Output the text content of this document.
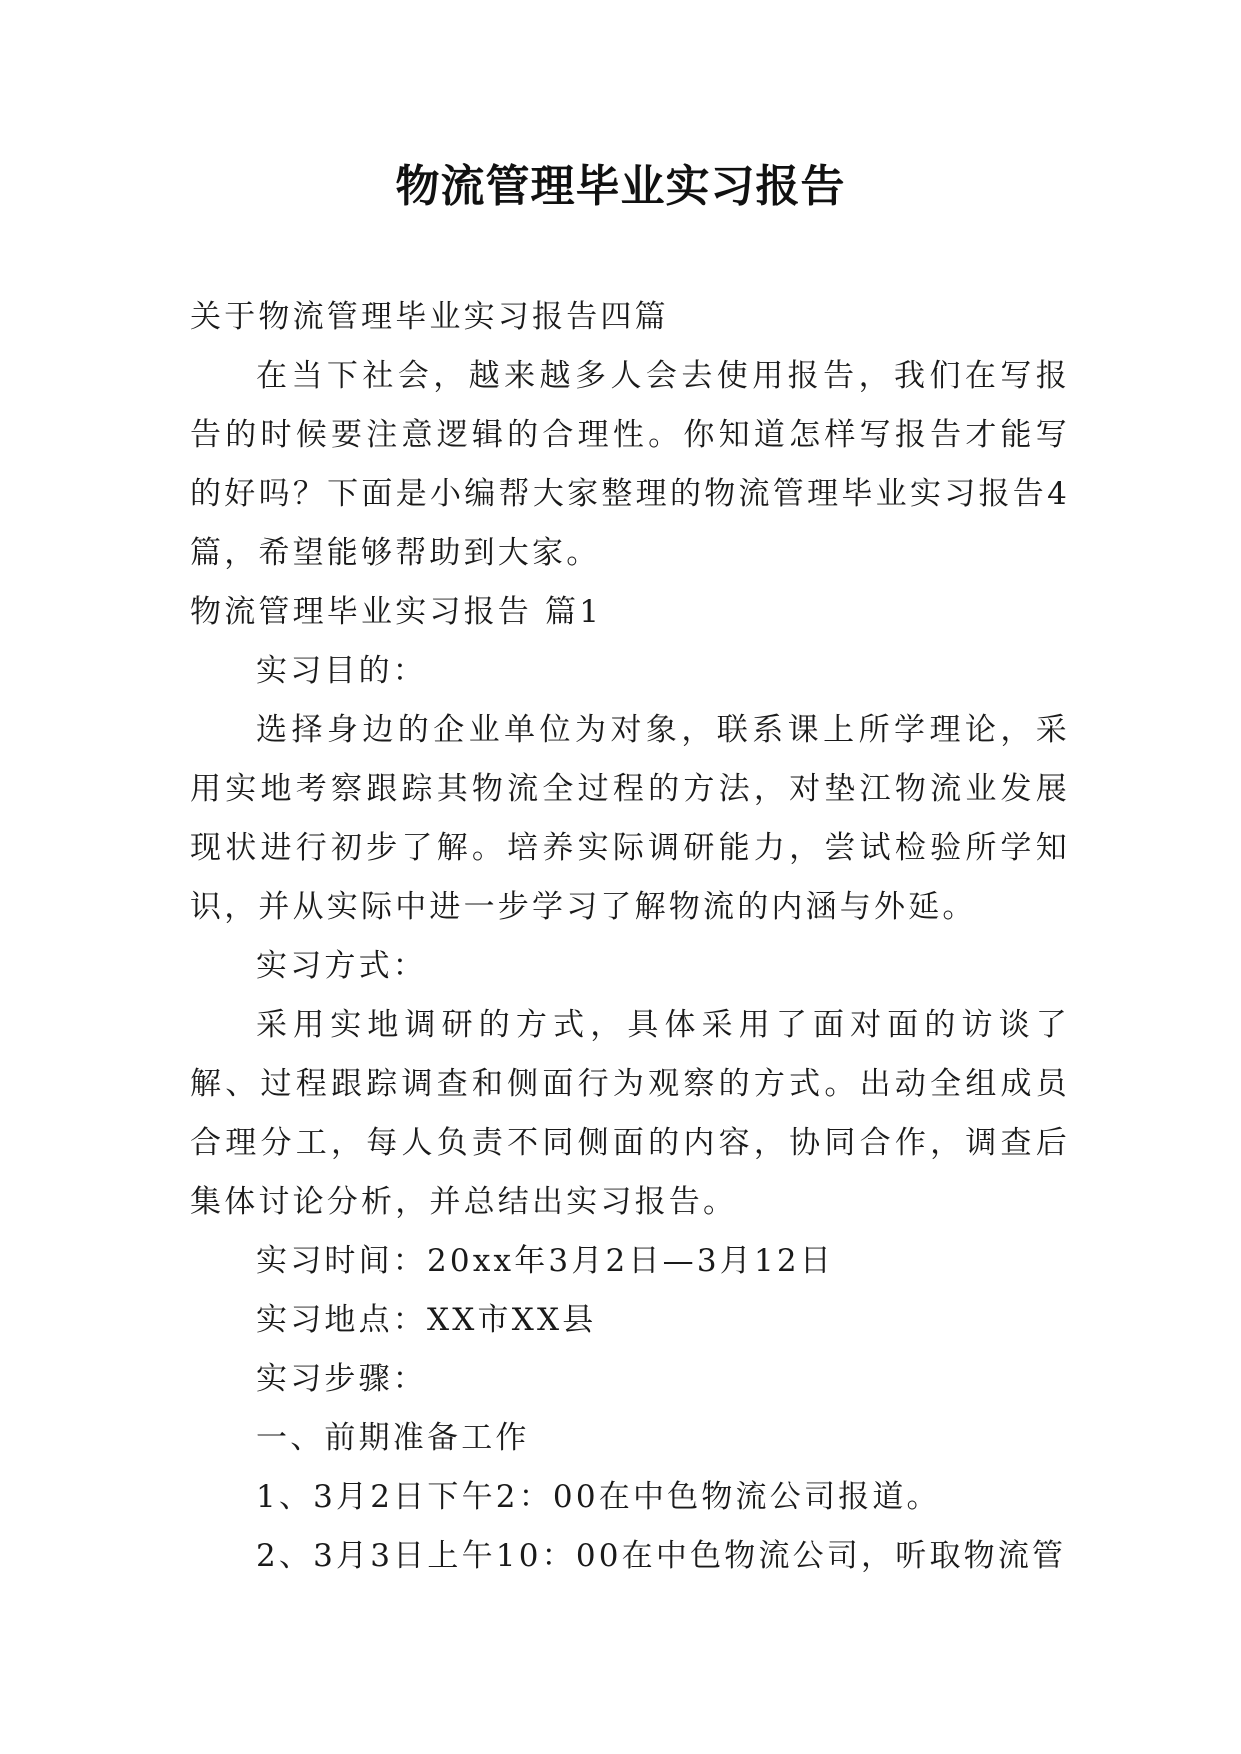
物流管理毕业实习报告

关于物流管理毕业实习报告四篇

在当下社会，越来越多人会去使用报告，我们在写报告的时候要注意逻辑的合理性。你知道怎样写报告才能写的好吗？下面是小编帮大家整理的物流管理毕业实习报告4篇，希望能够帮助到大家。

物流管理毕业实习报告 篇1

实习目的：

选择身边的企业单位为对象，联系课上所学理论，采用实地考察跟踪其物流全过程的方法，对垫江物流业发展现状进行初步了解。培养实际调研能力，尝试检验所学知识，并从实际中进一步学习了解物流的内涵与外延。

实习方式：

采用实地调研的方式，具体采用了面对面的访谈了解、过程跟踪调查和侧面行为观察的方式。出动全组成员合理分工，每人负责不同侧面的内容，协同合作，调查后集体讨论分析，并总结出实习报告。

实习时间：20xx年3月2日—3月12日

实习地点：XX市XX县

实习步骤：

一、前期准备工作

1、3月2日下午2：00在中色物流公司报道。

2、3月3日上午10：00在中色物流公司，听取物流管
